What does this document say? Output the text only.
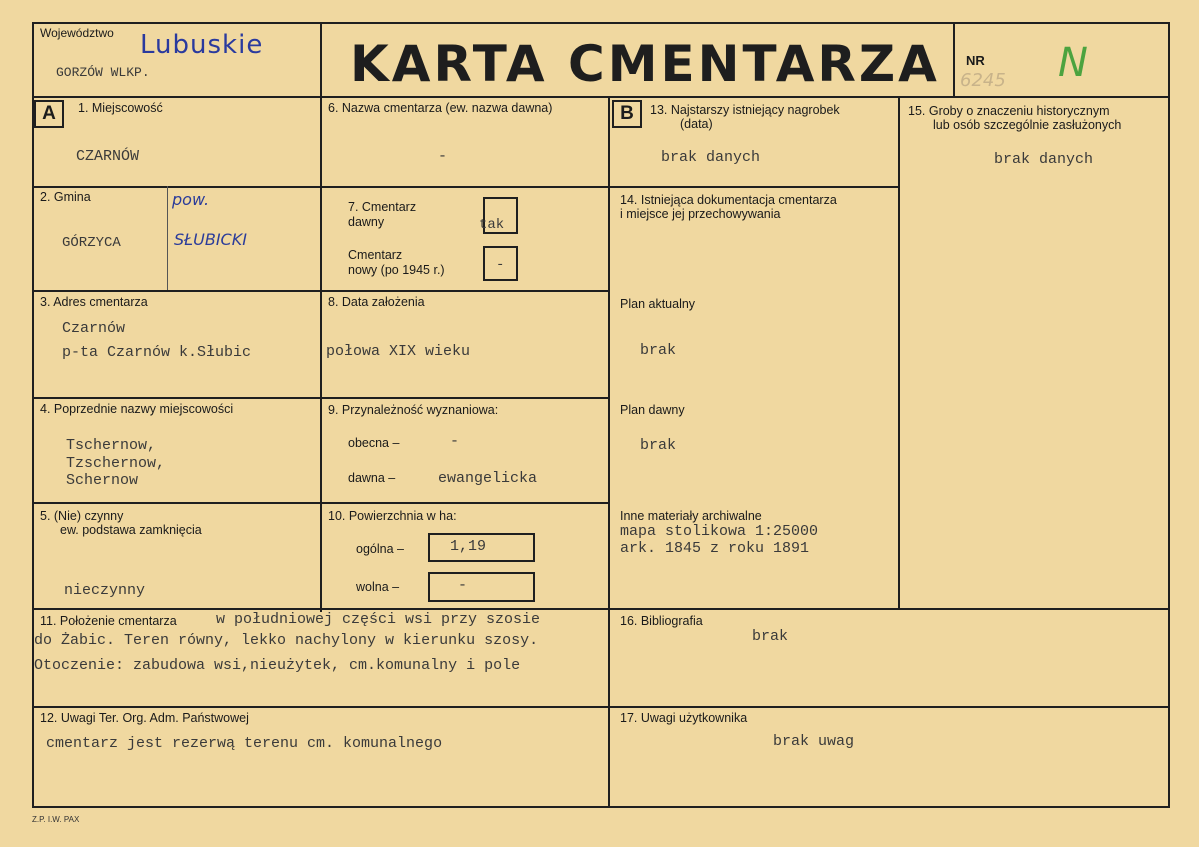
Województwo Lubuskie
GORZÓW WLKP.	KARTA CMENTARZA NR
6245 N
A	B
1. Miejscowość
CZARNÓW
6. Nazwa cmentarza (ew. nazwa dawna)
-
13. Najstarszy istniejący nagrobek
(data)
brak danych
15. Groby o znaczeniu historycznym
lub osób szczególnie zasłużonych
brak danych
2. Gmina
GÓRZYCA
pow.
SŁUBICKI
7. Cmentarz
dawny	tak
Cmentarz
nowy (po 1945 r.)	-
14. Istniejąca dokumentacja cmentarza
i miejsce jej przechowywania
Plan aktualny
brak
Plan dawny
brak
Inne materiały archiwalne
mapa stolikowa 1:25000
ark. 1845 z roku 1891
3. Adres cmentarza
Czarnów
p-ta Czarnów k.Słubic
8. Data założenia
połowa XIX wieku
4. Poprzednie nazwy miejscowości
Tschernow,
Tzschernow,
Schernow
9. Przynależność wyznaniowa:
obecna –	-
dawna –	ewangelicka
5. (Nie) czynny
ew. podstawa zamknięcia
nieczynny
10. Powierzchnia w ha:
ogólna –	1,19
wolna –	-
11. Położenie cmentarza	w południowej części wsi przy szosie
do Żabic. Teren równy, lekko nachylony w kierunku szosy.
Otoczenie: zabudowa wsi,nieużytek, cm.komunalny i pole
16. Bibliografia
brak
12. Uwagi Ter. Org. Adm. Państwowej
cmentarz jest rezerwą terenu cm. komunalnego
17. Uwagi użytkownika
brak uwag
Z.P. I.W. PAX
